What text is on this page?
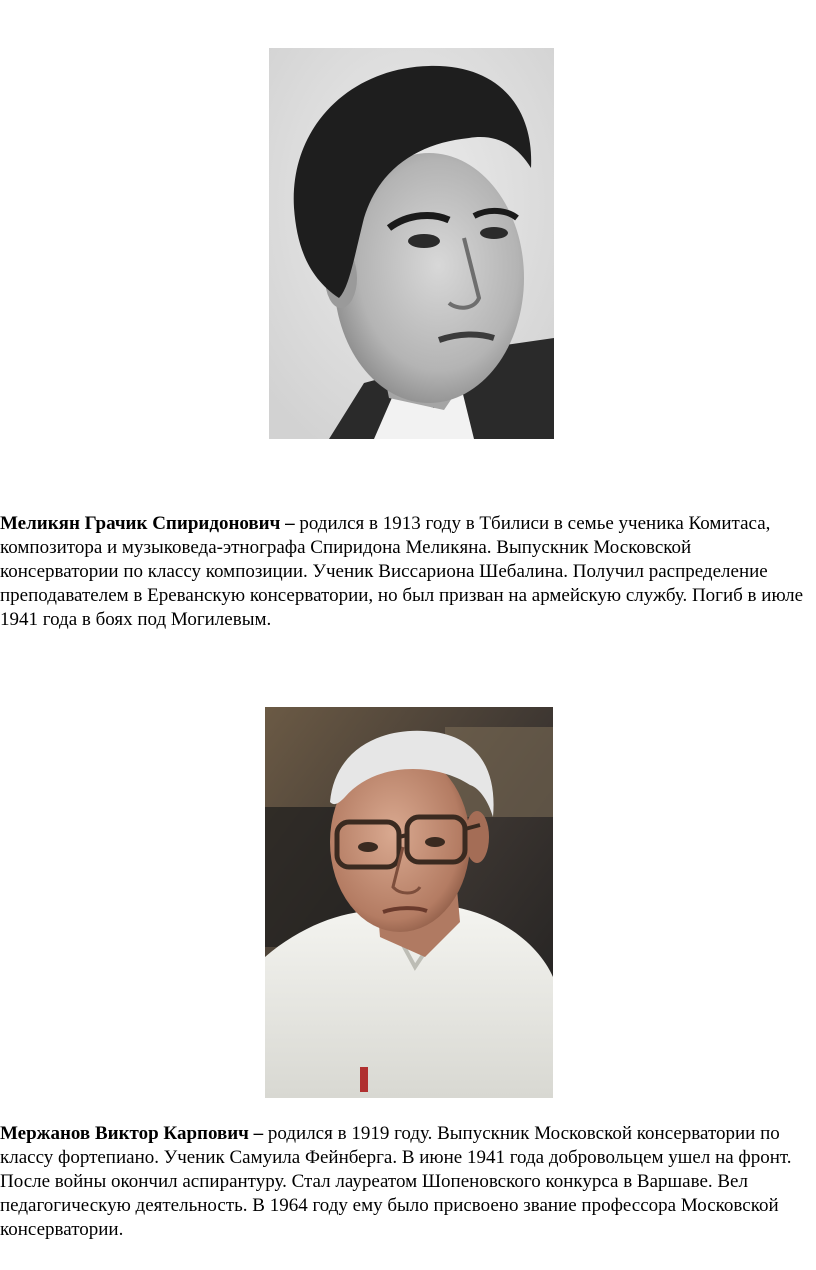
Меликян Грачик Спиридонович – родился в 1913 году в Тбилиси в семье ученика Комитаса, композитора и музыковеда-этнографа Спиридона Меликяна. Выпускник Московской консерватории по классу композиции. Ученик Виссариона Шебалина. Получил распределение преподавателем в Ереванскую консерватории, но был призван на армейскую службу. Погиб в июле 1941 года в боях под Могилевым.

Мержанов Виктор Карпович – родился в 1919 году. Выпускник Московской консерватории по классу фортепиано. Ученик Самуила Фейнберга. В июне 1941 года добровольцем ушел на фронт. После войны окончил аспирантуру. Стал лауреатом Шопеновского конкурса в Варшаве. Вел педагогическую деятельность. В 1964 году ему было присвоено звание профессора Московской консерватории.
